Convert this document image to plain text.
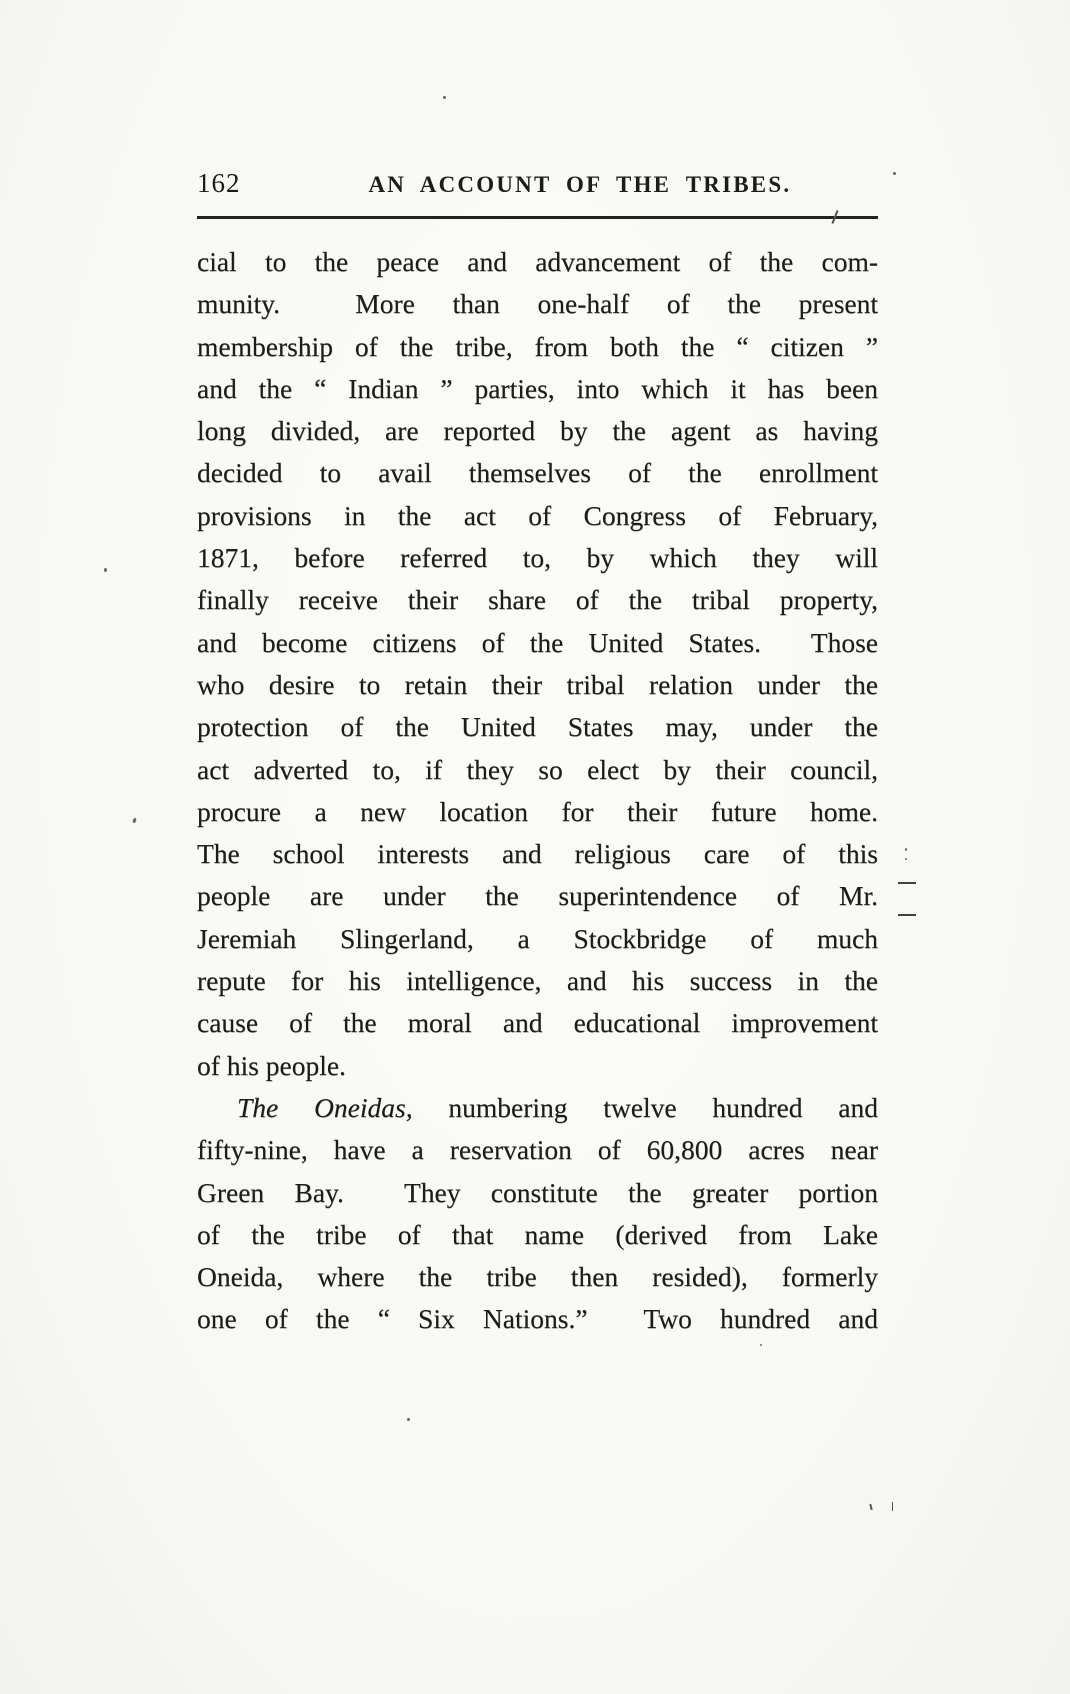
162	AN ACCOUNT OF THE TRIBES.
cial to the peace and advancement of the com-
munity.  More than one-half of the present
membership of the tribe, from both the “ citizen ”
and the “ Indian ” parties, into which it has been
long divided, are reported by the agent as having
decided to avail themselves of the enrollment
provisions in the act of Congress of February,
1871, before referred to, by which they will
finally receive their share of the tribal property,
and become citizens of the United States.  Those
who desire to retain their tribal relation under the
protection of the United States may, under the
act adverted to, if they so elect by their council,
procure a new location for their future home.
The school interests and religious care of this
people are under the superintendence of Mr.
Jeremiah Slingerland, a Stockbridge of much
repute for his intelligence, and his success in the
cause of the moral and educational improvement
of his people.
The Oneidas, numbering twelve hundred and
fifty-nine, have a reservation of 60,800 acres near
Green Bay.  They constitute the greater portion
of the tribe of that name (derived from Lake
Oneida, where the tribe then resided), formerly
one of the “ Six Nations.”  Two hundred and
